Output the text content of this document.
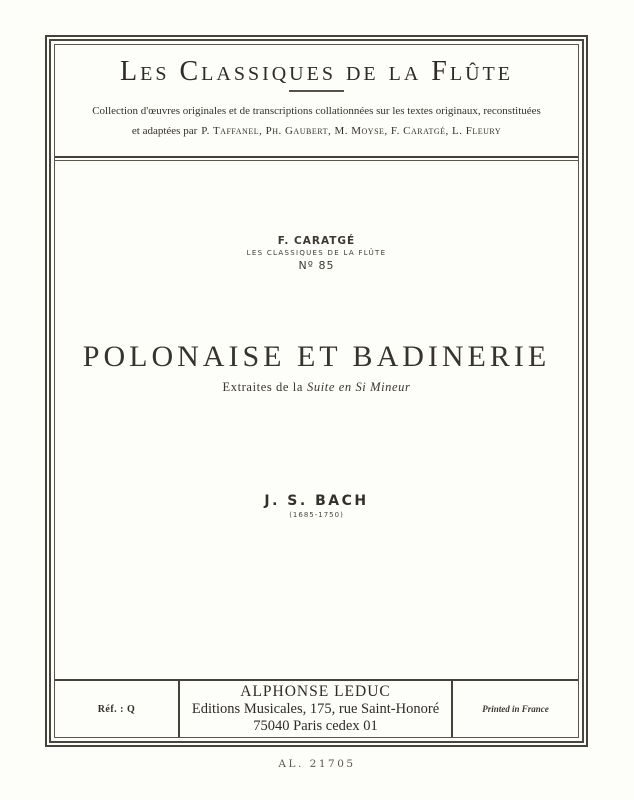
Les Classiques de la Flûte
Collection d'œuvres originales et de transcriptions collationnées sur les textes originaux, reconstituées
et adaptées par P. Taffanel, Ph. Gaubert, M. Moyse, F. Caratgé, L. Fleury
F. CARATGÉ
LES CLASSIQUES DE LA FLÛTE
Nº 85
POLONAISE ET BADINERIE
Extraites de la Suite en Si Mineur
J. S. BACH
(1685-1750)
Réf. : Q
ALPHONSE LEDUC
Editions Musicales, 175, rue Saint-Honoré
75040 Paris cedex 01
Printed in France
AL. 21705
